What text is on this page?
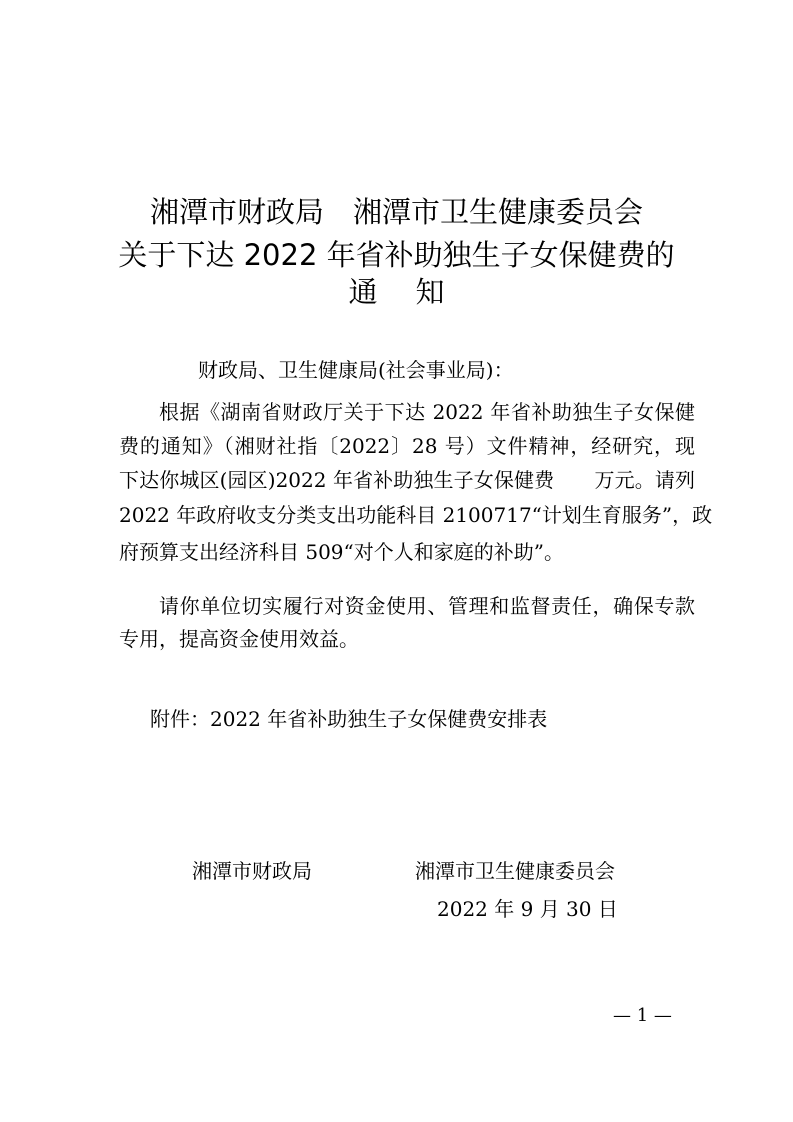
湘潭市财政局　湘潭市卫生健康委员会
关于下达 2022 年省补助独生子女保健费的
通知
财政局、卫生健康局(社会事业局)：
根据《湖南省财政厅关于下达 2022 年省补助独生子女保健
费的通知》（湘财社指〔2022〕28 号）文件精神，经研究，现
下达你城区(园区)2022 年省补助独生子女保健费　　万元。请列
2022 年政府收支分类支出功能科目 2100717“计划生育服务”，政
府预算支出经济科目 509“对个人和家庭的补助”。
请你单位切实履行对资金使用、管理和监督责任，确保专款
专用，提高资金使用效益。
附件：2022 年省补助独生子女保健费安排表
湘潭市财政局	湘潭市卫生健康委员会
2022 年 9 月 30 日
— 1 —
